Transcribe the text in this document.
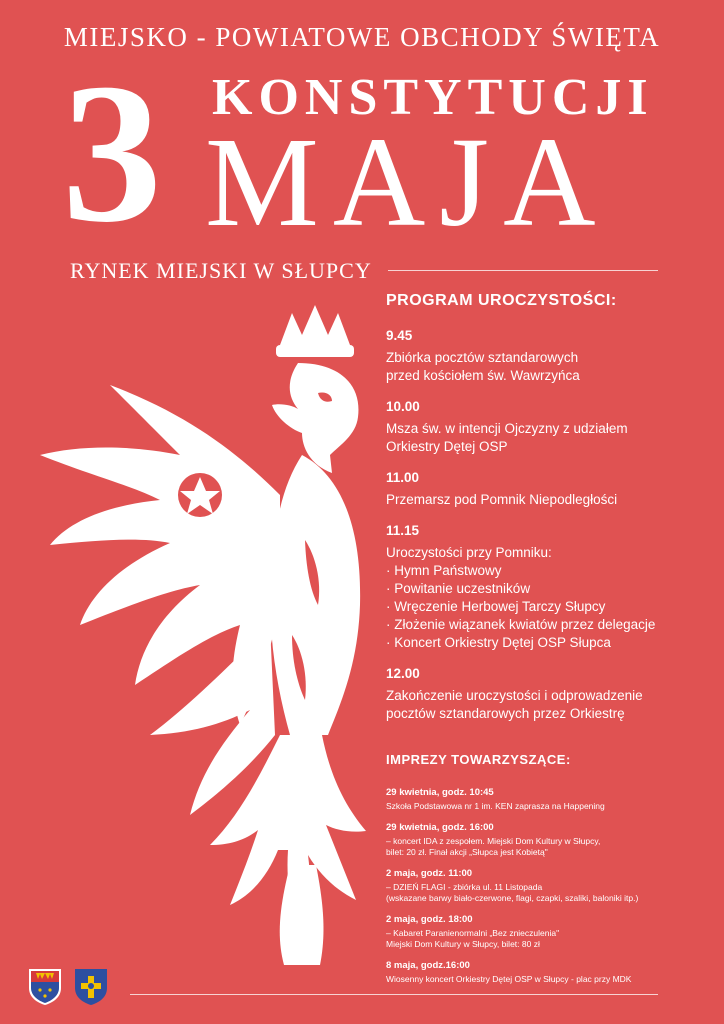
MIEJSKO - POWIATOWE OBCHODY ŚWIĘTA
3 KONSTYTUCJI
MAJA
RYNEK MIEJSKI W SŁUPCY
PROGRAM UROCZYSTOŚCI:
9.45
Zbiórka pocztów sztandarowych
przed kościołem św. Wawrzyńca
10.00
Msza św. w intencji Ojczyzny z udziałem
Orkiestry Dętej OSP
11.00
Przemarsz pod Pomnik Niepodległości
11.15
Uroczystości przy Pomniku:
· Hymn Państwowy
· Powitanie uczestników
· Wręczenie Herbowej Tarczy Słupcy
· Złożenie wiązanek kwiatów przez delegacje
· Koncert Orkiestry Dętej OSP Słupca
12.00
Zakończenie uroczystości i odprowadzenie
pocztów sztandarowych przez Orkiestrę
IMPREZY TOWARZYSZĄCE:
29 kwietnia, godz. 10:45
Szkoła Podstawowa nr 1 im. KEN zaprasza na Happening
29 kwietnia, godz. 16:00
– koncert IDA z zespołem. Miejski Dom Kultury w Słupcy,
bilet: 20 zł. Finał akcji „Słupca jest Kobietą"
2 maja, godz. 11:00
– DZIEŃ FLAGI - zbiórka ul. 11 Listopada
(wskazane barwy biało-czerwone, flagi, czapki, szaliki, baloniki itp.)
2 maja, godz. 18:00
– Kabaret Paranienormalni „Bez znieczulenia"
Miejski Dom Kultury w Słupcy, bilet: 80 zł
8 maja, godz.16:00
Wiosenny koncert Orkiestry Dętej OSP w Słupcy - plac przy MDK
